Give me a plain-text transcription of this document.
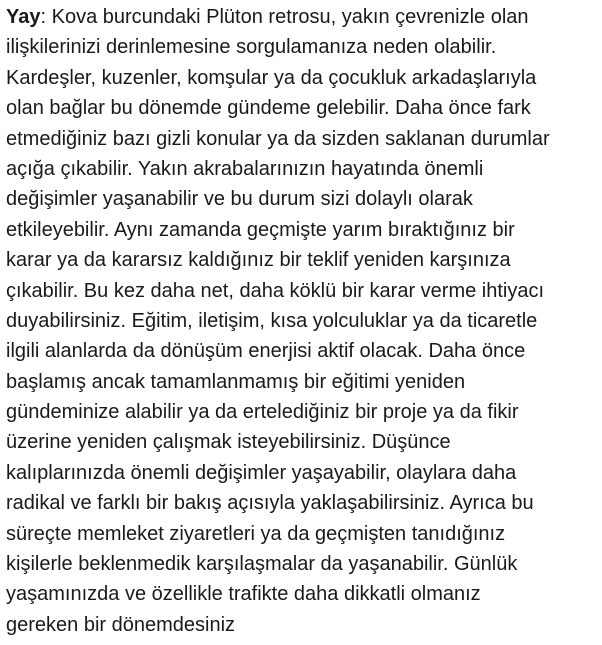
Yay: Kova burcundaki Plüton retrosu, yakın çevrenizle olan
ilişkilerinizi derinlemesine sorgulamanıza neden olabilir.
Kardeşler, kuzenler, komşular ya da çocukluk arkadaşlarıyla
olan bağlar bu dönemde gündeme gelebilir. Daha önce fark
etmediğiniz bazı gizli konular ya da sizden saklanan durumlar
açığa çıkabilir. Yakın akrabalarınızın hayatında önemli
değişimler yaşanabilir ve bu durum sizi dolaylı olarak
etkileyebilir. Aynı zamanda geçmişte yarım bıraktığınız bir
karar ya da kararsız kaldığınız bir teklif yeniden karşınıza
çıkabilir. Bu kez daha net, daha köklü bir karar verme ihtiyacı
duyabilirsiniz. Eğitim, iletişim, kısa yolculuklar ya da ticaretle
ilgili alanlarda da dönüşüm enerjisi aktif olacak. Daha önce
başlamış ancak tamamlanmamış bir eğitimi yeniden
gündeminize alabilir ya da ertelediğiniz bir proje ya da fikir
üzerine yeniden çalışmak isteyebilirsiniz. Düşünce
kalıplarınızda önemli değişimler yaşayabilir, olaylara daha
radikal ve farklı bir bakış açısıyla yaklaşabilirsiniz. Ayrıca bu
süreçte memleket ziyaretleri ya da geçmişten tanıdığınız
kişilerle beklenmedik karşılaşmalar da yaşanabilir. Günlük
yaşamınızda ve özellikle trafikte daha dikkatli olmanız
gereken bir dönemdesiniz
